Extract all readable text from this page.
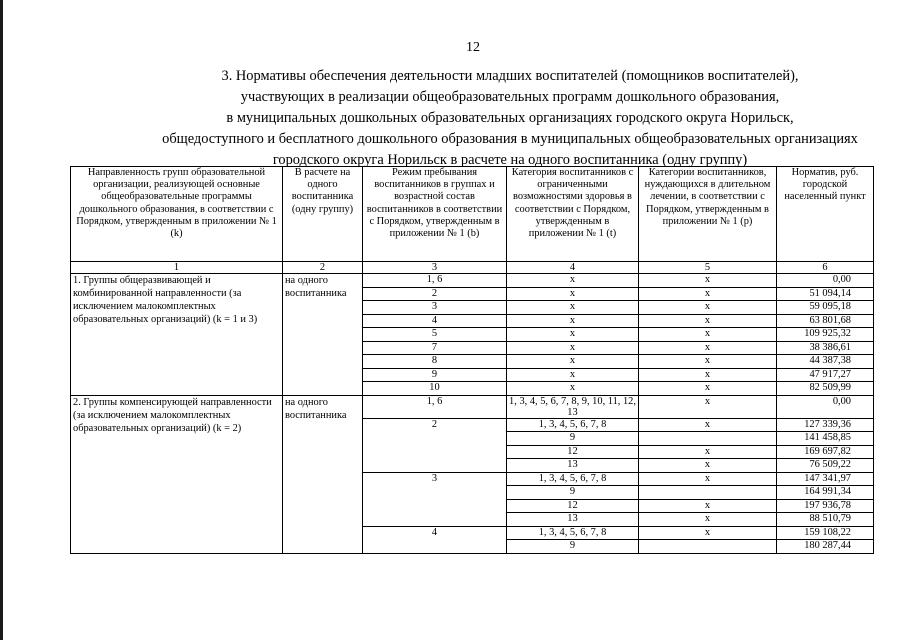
12
3. Нормативы обеспечения деятельности младших воспитателей (помощников воспитателей),
участвующих в реализации общеобразовательных программ дошкольного образования,
в муниципальных дошкольных образовательных организациях городского округа Норильск,
общедоступного и бесплатного дошкольного образования в муниципальных общеобразовательных организациях
городского округа Норильск в расчете на одного воспитанника (одну группу)
Направленность групп образовательной организации, реализующей основные общеобразовательные программы дошкольного образования, в соответствии с Порядком, утвержденным в приложении № 1 (k)	В расчете на одного воспитанника (одну группу)	Режим пребывания воспитанников в группах и возрастной состав воспитанников в соответствии с Порядком, утвержденным в приложении № 1 (b)	Категория воспитанников с ограниченными возможностями здоровья в соответствии с Порядком, утвержденным в приложении № 1 (t)	Категории воспитанников, нуждающихся в длительном лечении, в соответствии с Порядком, утвержденным в приложении № 1 (p)	Норматив, руб. городской населенный пункт
1	2	3	4	5	6
1. Группы общеразвивающей и комбинированной направленности (за исключением малокомплектных образовательных организаций) (k = 1 и 3)	на одного воспитанника	1, 6	х	х	0,00
		2	х	х	51 094,14
		3	х	х	59 095,18
		4	х	х	63 801,68
		5	х	х	109 925,32
		7	х	х	38 386,61
		8	х	х	44 387,38
		9	х	х	47 917,27
		10	х	х	82 509,99
2. Группы компенсирующей направленности (за исключением малокомплектных образовательных организаций) (k = 2)	на одного воспитанника	1, 6	1, 3, 4, 5, 6, 7, 8, 9, 10, 11, 12, 13	х	0,00
		2	1, 3, 4, 5, 6, 7, 8	х	127 339,36
			9		141 458,85
			12	х	169 697,82
			13	х	76 509,22
		3	1, 3, 4, 5, 6, 7, 8	х	147 341,97
			9		164 991,34
			12	х	197 936,78
			13	х	88 510,79
		4	1, 3, 4, 5, 6, 7, 8	х	159 108,22
			9		180 287,44
